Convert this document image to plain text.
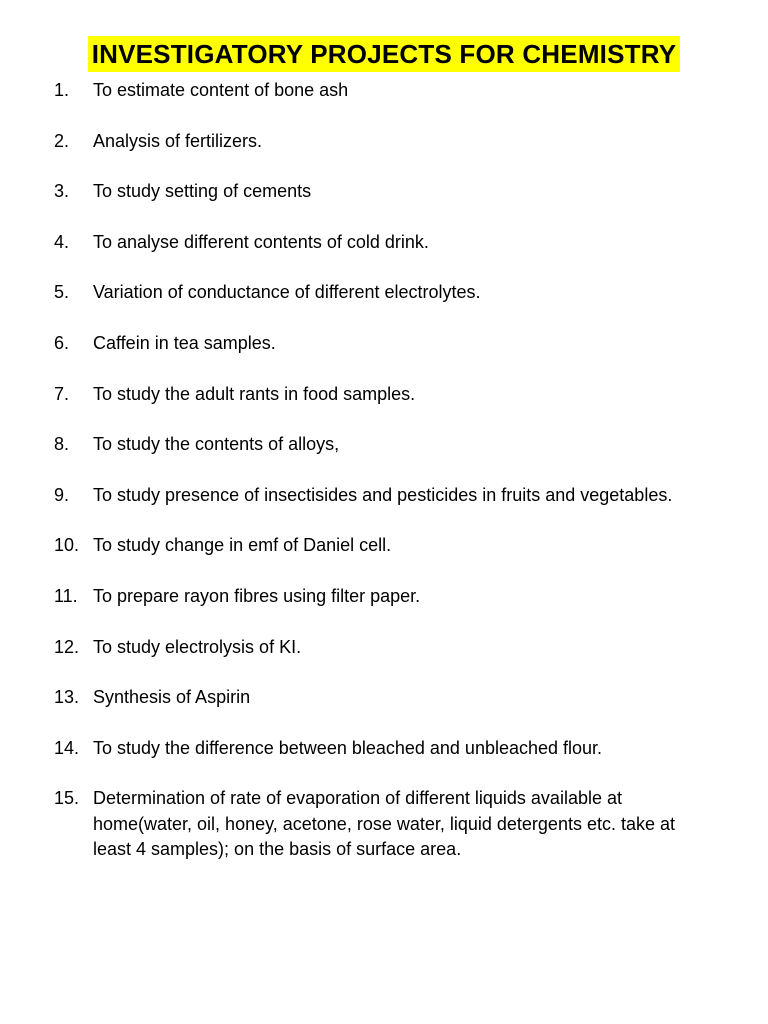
INVESTIGATORY PROJECTS FOR CHEMISTRY
1.	To estimate content of bone ash
2.	Analysis of fertilizers.
3.	To study setting of cements
4.	To analyse different contents of cold drink.
5.	Variation of conductance of different electrolytes.
6.	Caffein in tea samples.
7.	To study the adult rants in food samples.
8.	To study the contents of alloys,
9.	To study presence of insectisides and pesticides in fruits and vegetables.
10. To study change in emf of Daniel cell.
11. To prepare rayon fibres using filter paper.
12. To study electrolysis of KI.
13. Synthesis of Aspirin
14. To study the difference between bleached and unbleached flour.
15. Determination of rate of evaporation of different liquids available at home(water, oil, honey, acetone, rose water, liquid detergents etc. take at least 4 samples); on the basis of surface area.
